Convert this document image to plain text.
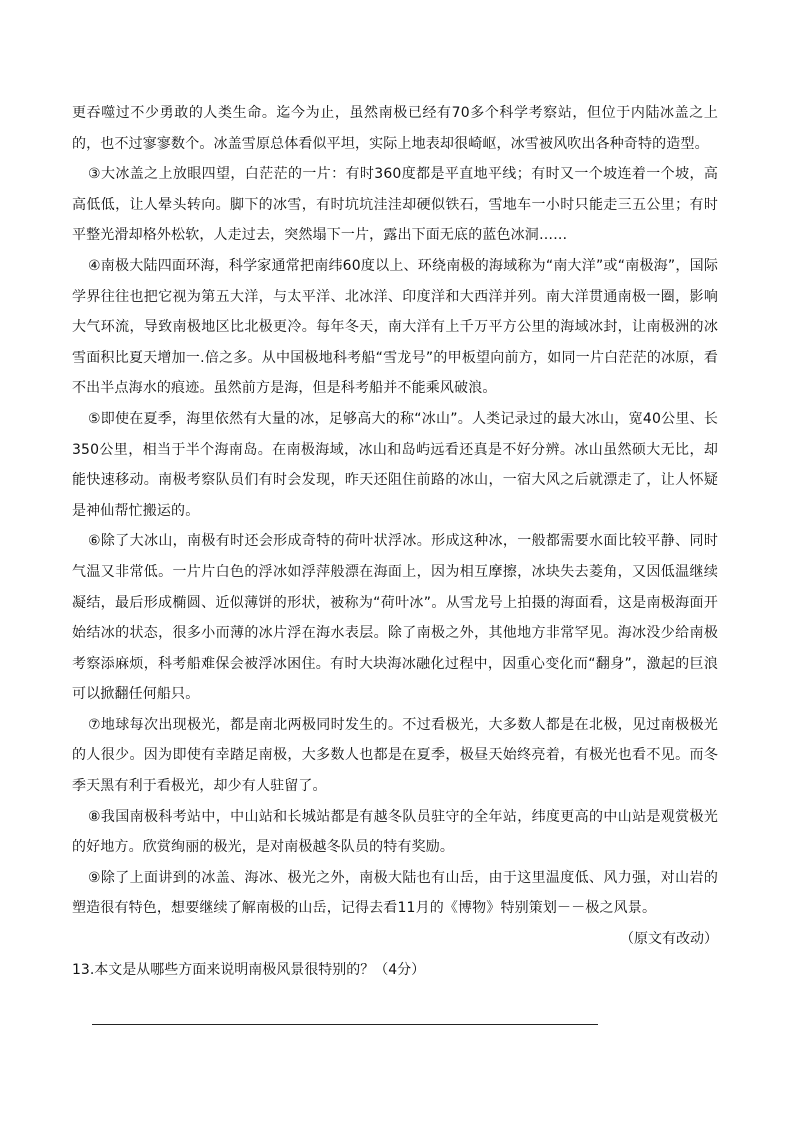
更吞噬过不少勇敢的人类生命。迄今为止，虽然南极已经有70多个科学考察站，但位于内陆冰盖之上的，也不过寥寥数个。冰盖雪原总体看似平坦，实际上地表却很崎岖，冰雪被风吹出各种奇特的造型。

③大冰盖之上放眼四望，白茫茫的一片：有时360度都是平直地平线；有时又一个坡连着一个坡，高高低低，让人晕头转向。脚下的冰雪，有时坑坑洼洼却硬似铁石，雪地车一小时只能走三五公里；有时平整光滑却格外松软，人走过去，突然塌下一片，露出下面无底的蓝色冰洞……

④南极大陆四面环海，科学家通常把南纬60度以上、环绕南极的海域称为“南大洋”或“南极海”，国际学界往往也把它视为第五大洋，与太平洋、北冰洋、印度洋和大西洋并列。南大洋贯通南极一圈，影响大气环流，导致南极地区比北极更冷。每年冬天，南大洋有上千万平方公里的海域冰封，让南极洲的冰雪面积比夏天增加一.倍之多。从中国极地科考船“雪龙号”的甲板望向前方，如同一片白茫茫的冰原，看不出半点海水的痕迹。虽然前方是海，但是科考船并不能乘风破浪。

⑤即使在夏季，海里依然有大量的冰，足够高大的称“冰山”。人类记录过的最大冰山，宽40公里、长350公里，相当于半个海南岛。在南极海域，冰山和岛屿远看还真是不好分辨。冰山虽然硕大无比，却能快速移动。南极考察队员们有时会发现，昨天还阻住前路的冰山，一宿大风之后就漂走了，让人怀疑是神仙帮忙搬运的。

⑥除了大冰山，南极有时还会形成奇特的荷叶状浮冰。形成这种冰，一般都需要水面比较平静、同时气温又非常低。一片片白色的浮冰如浮萍般漂在海面上，因为相互摩擦，冰块失去菱角，又因低温继续凝结，最后形成椭圆、近似薄饼的形状，被称为“荷叶冰”。从雪龙号上拍摄的海面看，这是南极海面开始结冰的状态，很多小而薄的冰片浮在海水表层。除了南极之外，其他地方非常罕见。海冰没少给南极考察添麻烦，科考船难保会被浮冰困住。有时大块海冰融化过程中，因重心变化而“翻身”，激起的巨浪可以掀翻任何船只。

⑦地球每次出现极光，都是南北两极同时发生的。不过看极光，大多数人都是在北极，见过南极极光的人很少。因为即使有幸踏足南极，大多数人也都是在夏季，极昼天始终亮着，有极光也看不见。而冬季天黑有利于看极光，却少有人驻留了。

⑧我国南极科考站中，中山站和长城站都是有越冬队员驻守的全年站，纬度更高的中山站是观赏极光的好地方。欣赏绚丽的极光，是对南极越冬队员的特有奖励。

⑨除了上面讲到的冰盖、海冰、极光之外，南极大陆也有山岳，由于这里温度低、风力强，对山岩的塑造很有特色，想要继续了解南极的山岳，记得去看11月的《博物》特别策划－－极之风景。

（原文有改动）

13.本文是从哪些方面来说明南极风景很特别的？（4分）
